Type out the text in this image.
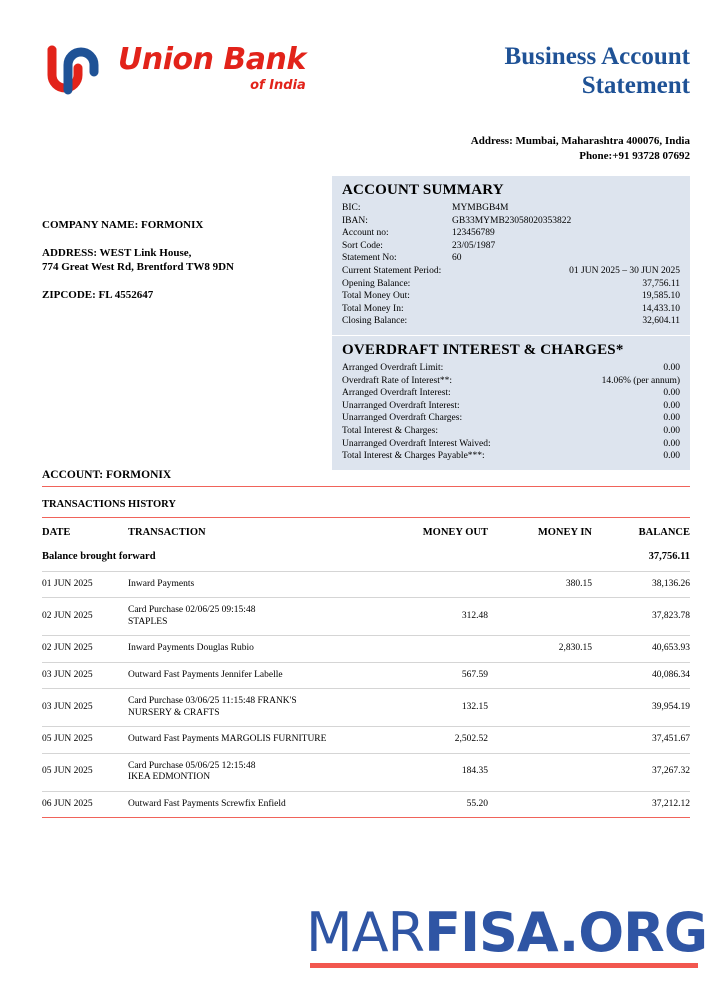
Union Bank
of India
Business Account
Statement
Address: Mumbai, Maharashtra 400076, India
Phone:+91 93728 07692
COMPANY NAME: FORMONIX
ADDRESS: WEST Link House,
774 Great West Rd, Brentford TW8 9DN
ZIPCODE: FL 4552647
ACCOUNT SUMMARY
BIC:	MYMBGB4M
IBAN:	GB33MYMB23058020353822
Account no:	123456789
Sort Code:	23/05/1987
Statement No:	60
Current Statement Period:	01 JUN 2025 – 30 JUN 2025
Opening Balance:	37,756.11
Total Money Out:	19,585.10
Total Money In:	14,433.10
Closing Balance:	32,604.11
OVERDRAFT INTEREST & CHARGES*
Arranged Overdraft Limit:	0.00
Overdraft Rate of Interest**:	14.06% (per annum)
Arranged Overdraft Interest:	0.00
Unarranged Overdraft Interest:	0.00
Unarranged Overdraft Charges:	0.00
Total Interest & Charges:	0.00
Unarranged Overdraft Interest Waived:	0.00
Total Interest & Charges Payable***:	0.00
ACCOUNT: FORMONIX
TRANSACTIONS HISTORY
DATE	TRANSACTION	MONEY OUT	MONEY IN	BALANCE
Balance brought forward				37,756.11
01 JUN 2025	Inward Payments		380.15	38,136.26
02 JUN 2025	Card Purchase 02/06/25 09:15:48
STAPLES	312.48		37,823.78
02 JUN 2025	Inward Payments Douglas Rubio		2,830.15	40,653.93
03 JUN 2025	Outward Fast Payments Jennifer Labelle	567.59		40,086.34
03 JUN 2025	Card Purchase 03/06/25 11:15:48 FRANK'S
NURSERY & CRAFTS	132.15		39,954.19
05 JUN 2025	Outward Fast Payments MARGOLIS FURNITURE	2,502.52		37,451.67
05 JUN 2025	Card Purchase 05/06/25 12:15:48
IKEA EDMONTION	184.35		37,267.32
06 JUN 2025	Outward Fast Payments Screwfix Enfield	55.20		37,212.12
MARFISA.ORG
